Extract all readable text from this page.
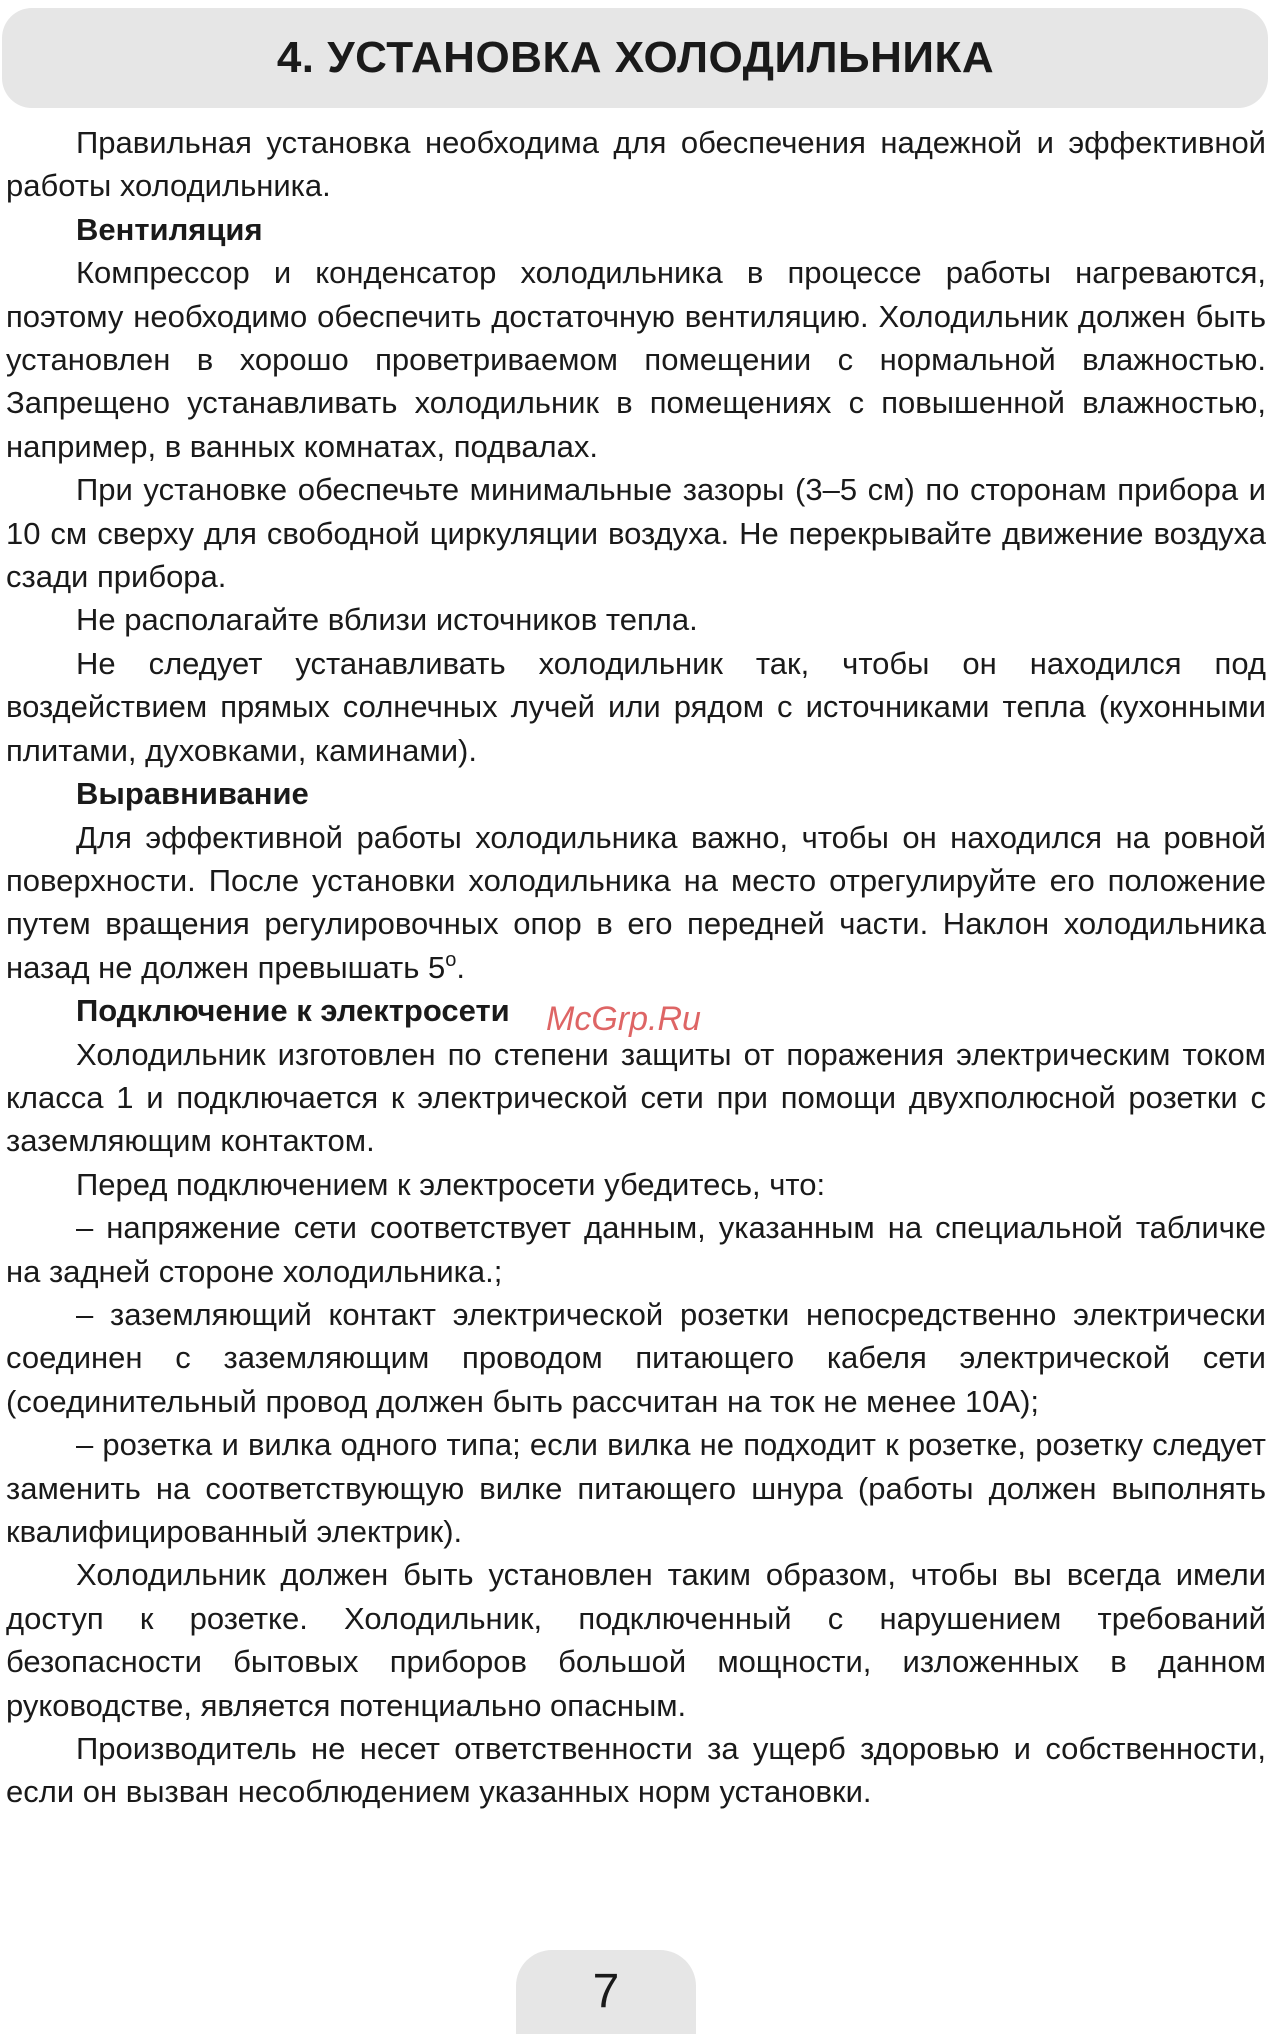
4. УСТАНОВКА ХОЛОДИЛЬНИКА

Правильная установка необходима для обеспечения надежной и эффективной работы холодильника.

Вентиляция

Компрессор и конденсатор холодильника в процессе работы нагреваются, поэтому необходимо обеспечить достаточную вентиляцию. Холодильник должен быть установлен в хорошо проветриваемом помещении с нормальной влажностью. Запрещено устанавливать холодильник в помещениях с повышенной влажностью, например, в ванных комнатах, подвалах.

При установке обеспечьте минимальные зазоры (3–5 см) по сторонам прибора и 10 см сверху для свободной циркуляции воздуха. Не перекрывайте движение воздуха сзади прибора.

Не располагайте вблизи источников тепла.

Не следует устанавливать холодильник так, чтобы он находился под воздействием прямых солнечных лучей или рядом с источниками тепла (кухонными плитами, духовками, каминами).

Выравнивание

Для эффективной работы холодильника важно, чтобы он находился на ровной поверхности. После установки холодильника на место отрегулируйте его положение путем вращения регулировочных опор в его передней части. Наклон холодильника назад не должен превышать $5^о$.

Подключение к электросети

Холодильник изготовлен по степени защиты от поражения электрическим током класса 1 и подключается к электрической сети при помощи двухполюсной розетки с заземляющим контактом.

Перед подключением к электросети убедитесь, что:

– напряжение сети соответствует данным, указанным на специальной табличке на задней стороне холодильника.;

– заземляющий контакт электрической розетки непосредственно электрически соединен с заземляющим проводом питающего кабеля электрической сети (соединительный провод должен быть рассчитан на ток не менее 10А);

– розетка и вилка одного типа; если вилка не подходит к розетке, розетку следует заменить на соответствующую вилке питающего шнура (работы должен выполнять квалифицированный электрик).

Холодильник должен быть установлен таким образом, чтобы вы всегда имели доступ к розетке. Холодильник, подключенный с нарушением требований безопасности бытовых приборов большой мощности, изложенных в данном руководстве, является потенциально опасным.

Производитель не несет ответственности за ущерб здоровью и собственности, если он вызван несоблюдением указанных норм установки.

McGrp.Ru
7
